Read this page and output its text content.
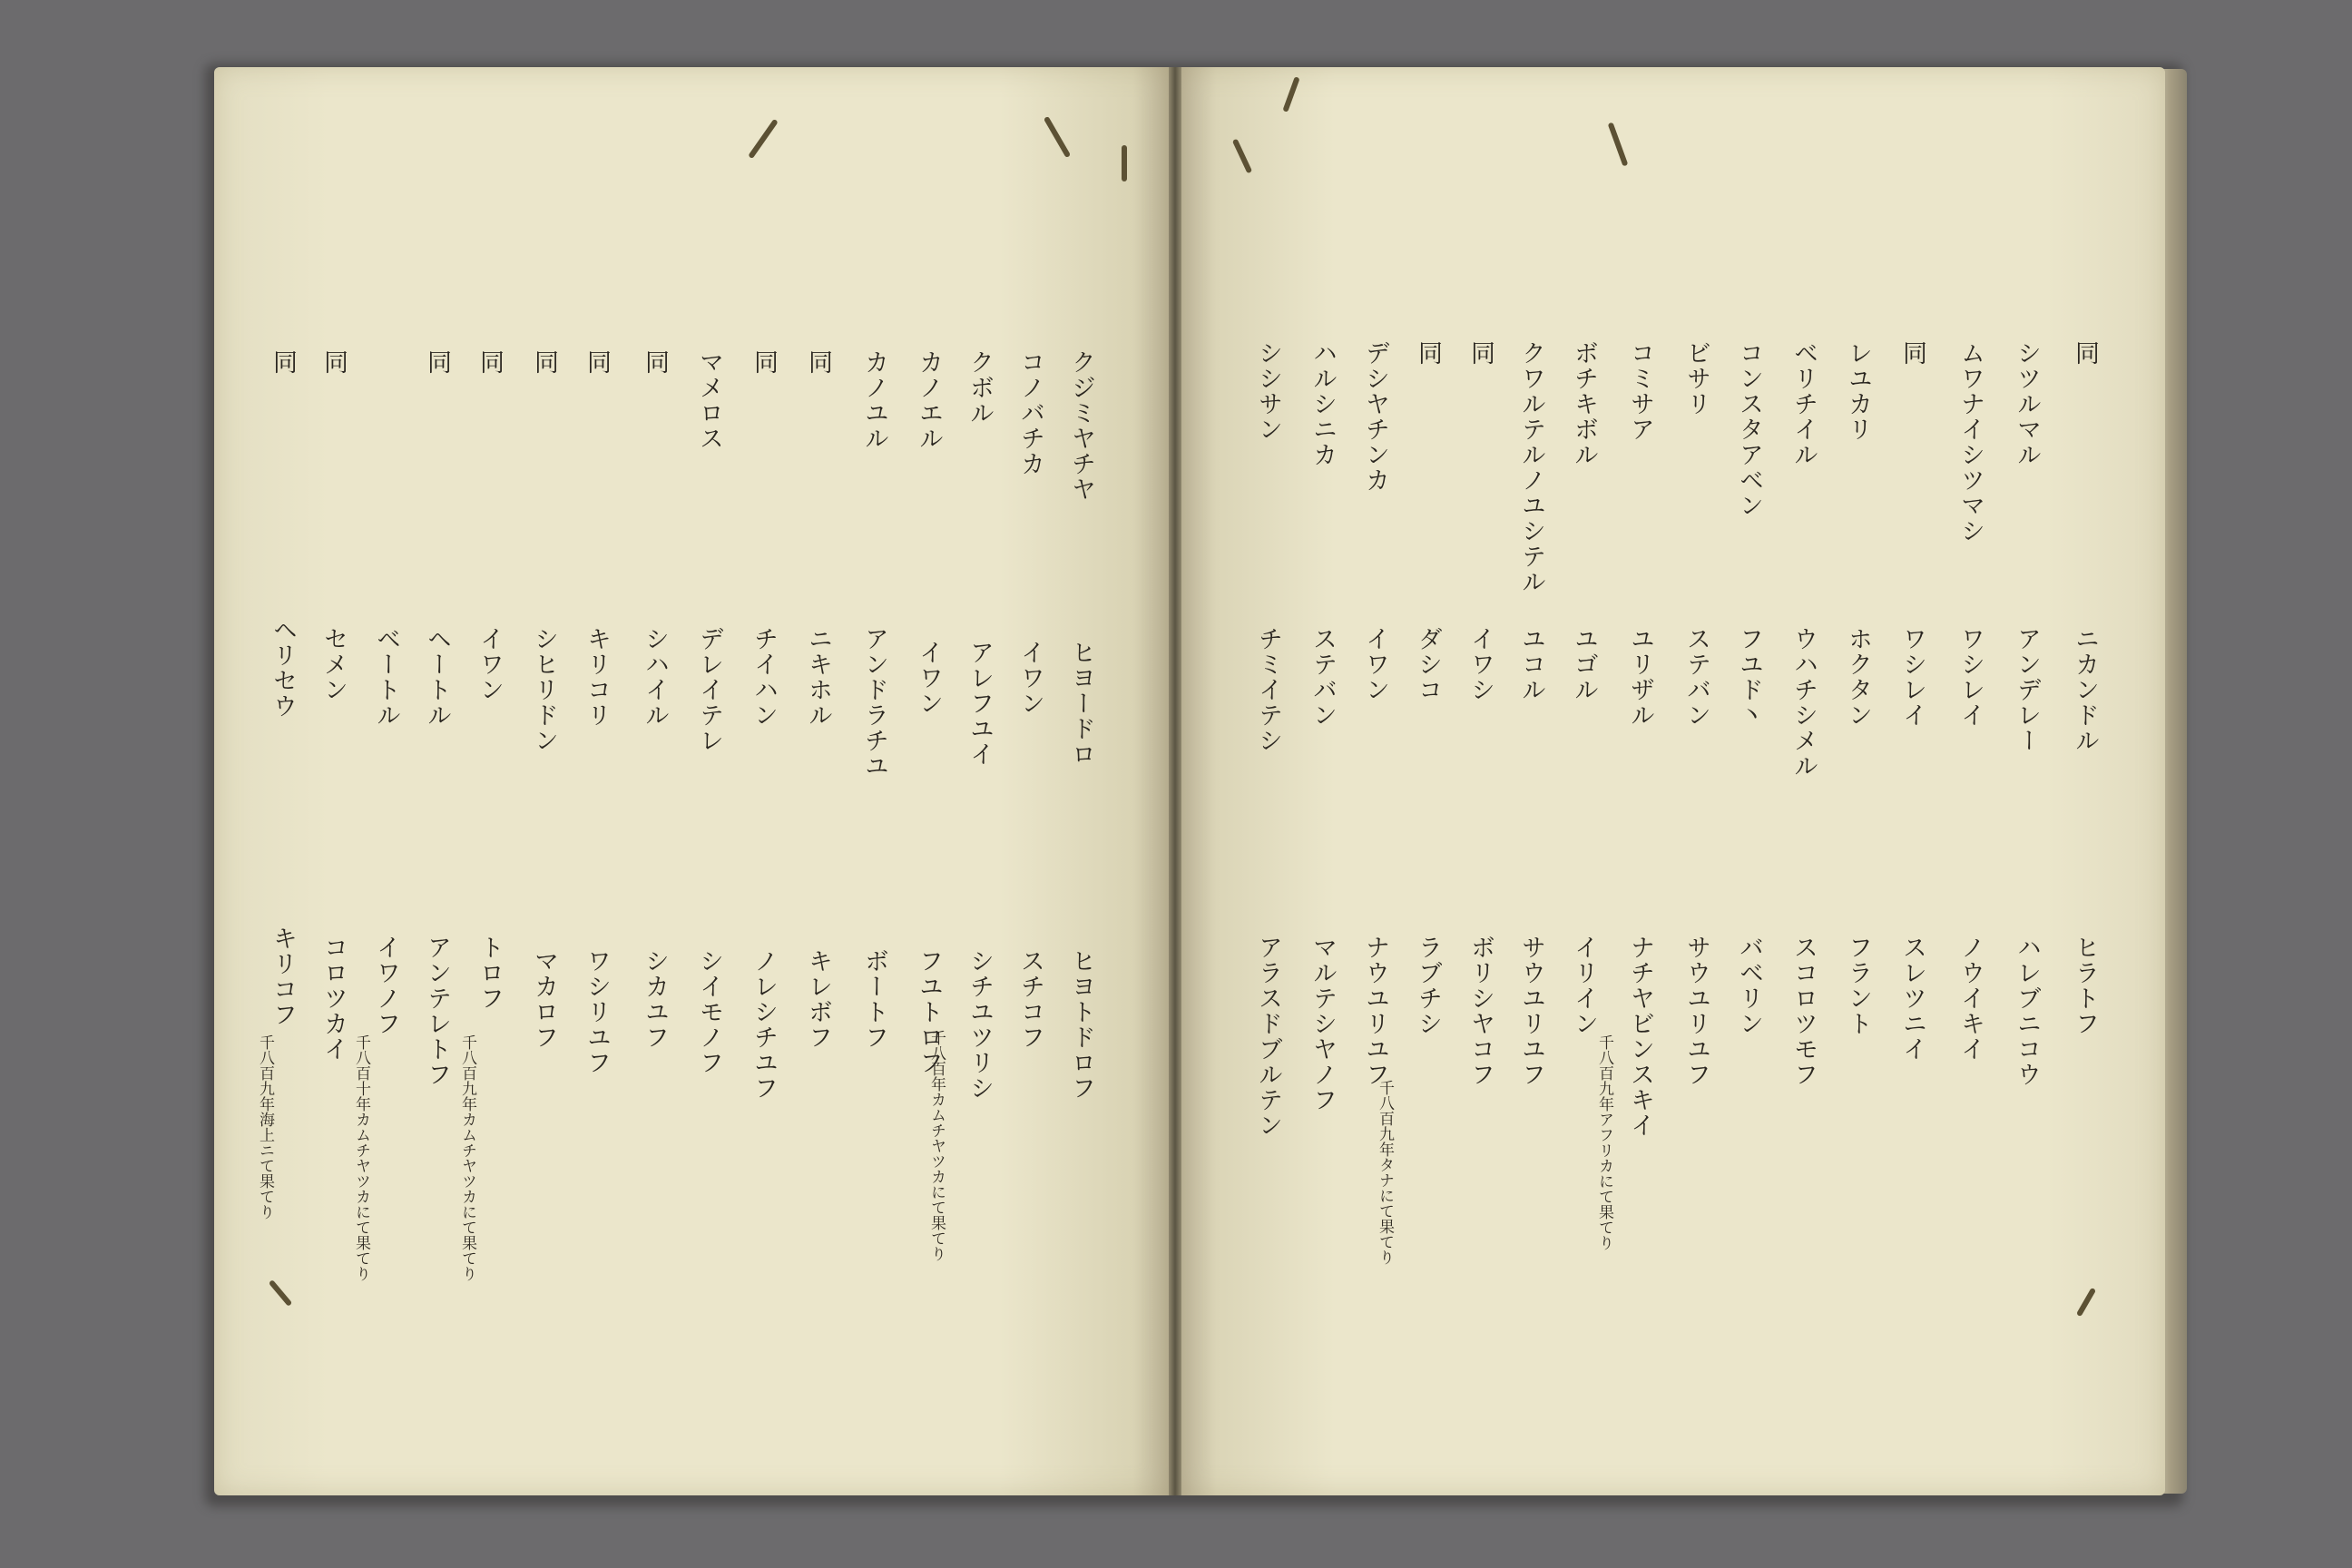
クジミヤチヤ
ヒヨードロ
ヒヨトドロフ
コノバチカ
イワン
スチコフ
クボル
アレフユイ
シチユツリシ
カノエル
イワン
フユトロフ
カノユル
アンドラチユ
ボートフ
同
ニキホル
キレボフ
同
チイハン
ノレシチユフ
マメロス
デレイテレ
シイモノフ
同
シハイル
シカユフ
同
キリコリ
ワシリユフ
同
シヒリドン
マカロフ
同
イワン
トロフ
同
ヘートル
アンテレトフ
ベートル
イワノフ
同
セメン
コロツカイ
同
ヘリセウ
キリコフ
千八百年カムチヤツカにて果てり
千八百九年カムチヤツカにて果てり
千八百十年カムチヤツカにて果てり
千八百九年海上ニて果てり
同
ニカンドル
ヒラトフ
シツルマル
アンデレー
ハレブニコウ
ムワナイシツマシ
ワシレイ
ノウイキイ
同
ワシレイ
スレツニイ
レユカリ
ホクタン
フラント
ベリチイル
ウハチシメル
スコロツモフ
コンスタアベン
フユド丶
バベリン
ビサリ
ステバン
サウユリユフ
コミサア
ユリザル
ナチヤビンスキイ
ボチキボル
ユゴル
イリイン
クワルテルノユシテル
ユコル
サウユリユフ
同
イワシ
ボリシヤコフ
同
ダシコ
ラブチシ
デシヤチンカ
イワン
ナウユリユフ
ハルシニカ
ステバン
マルテシヤノフ
シシサン
チミイテシ
アラスドブルテン	千八百九年アフリカにて果てり
千八百九年タナにて果てり
